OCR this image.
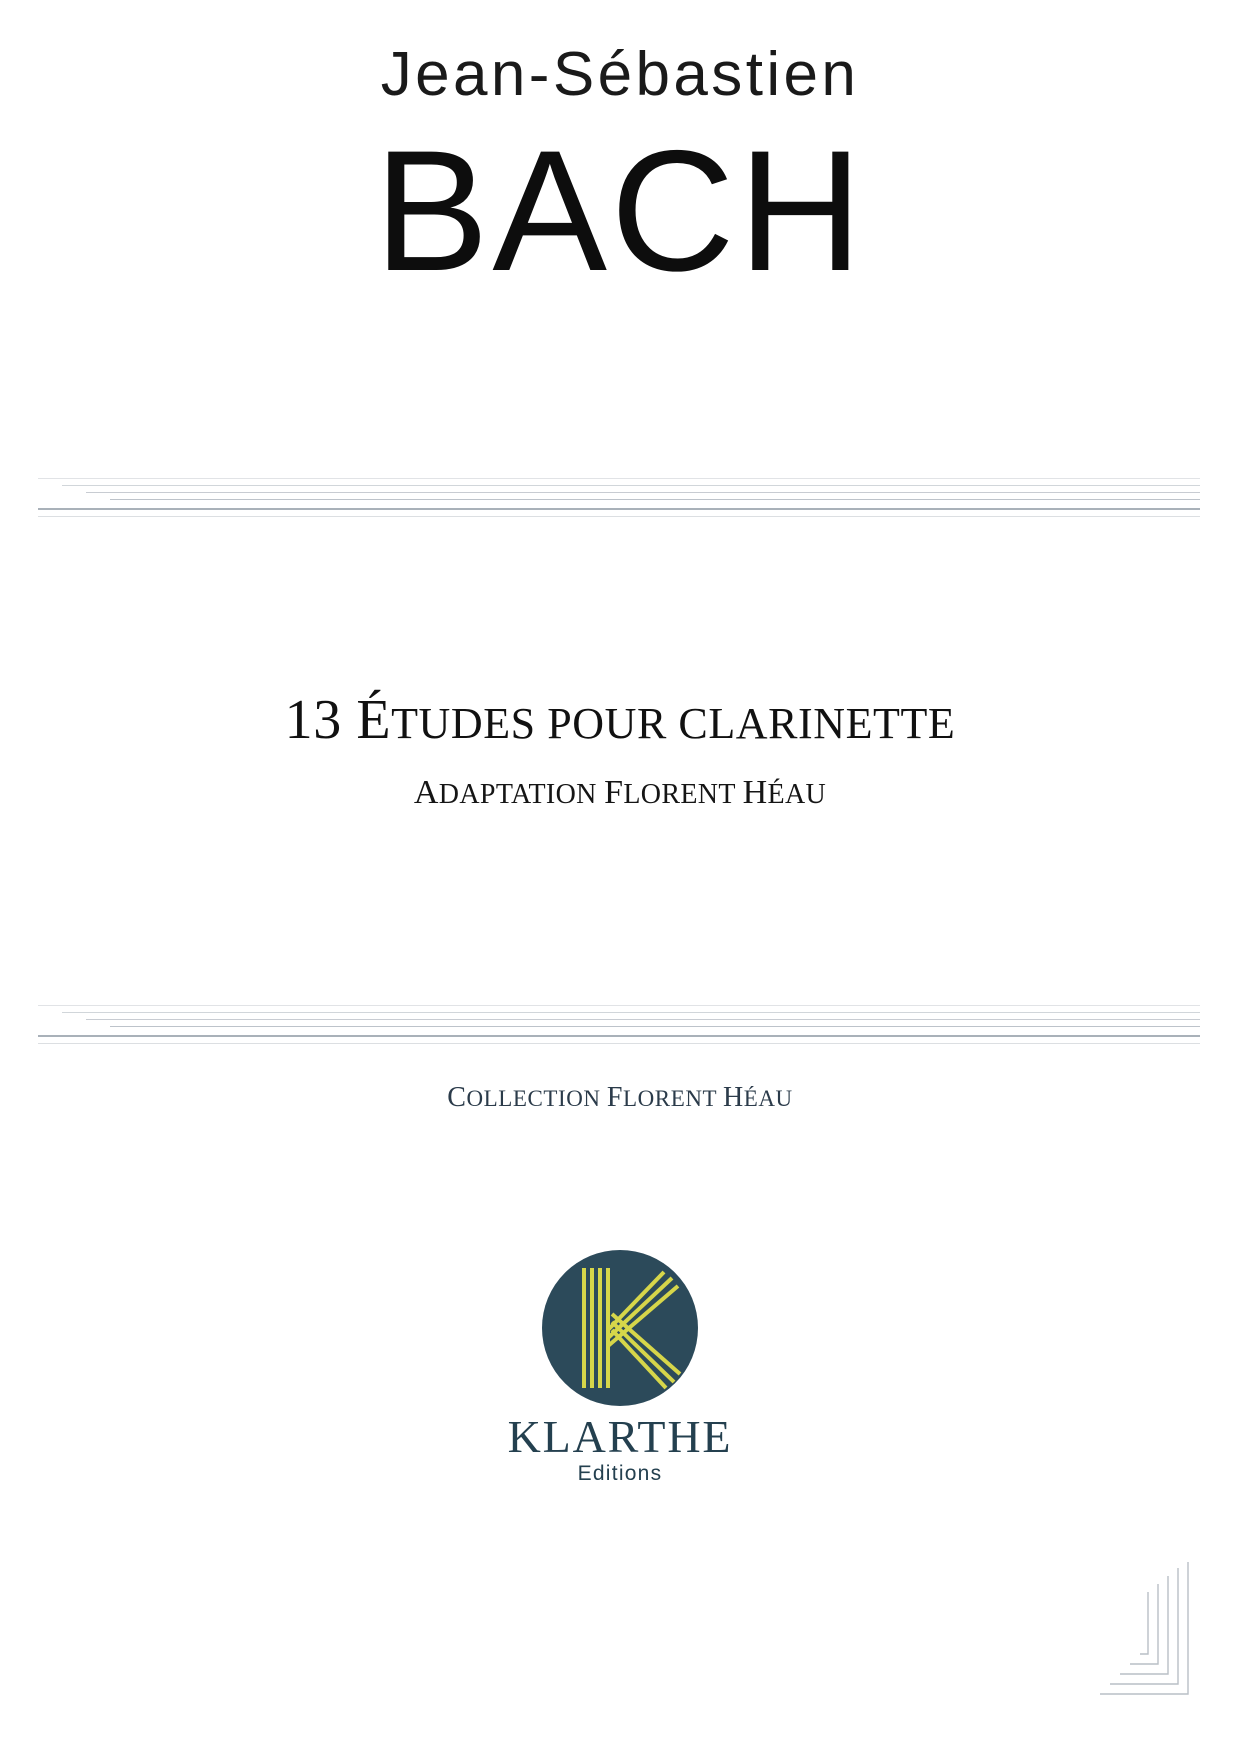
Jean-Sébastien
BACH
13 ÉTUDES POUR CLARINETTE
ADAPTATION FLORENT HÉAU
COLLECTION FLORENT HÉAU
KLARTHE
Editions
